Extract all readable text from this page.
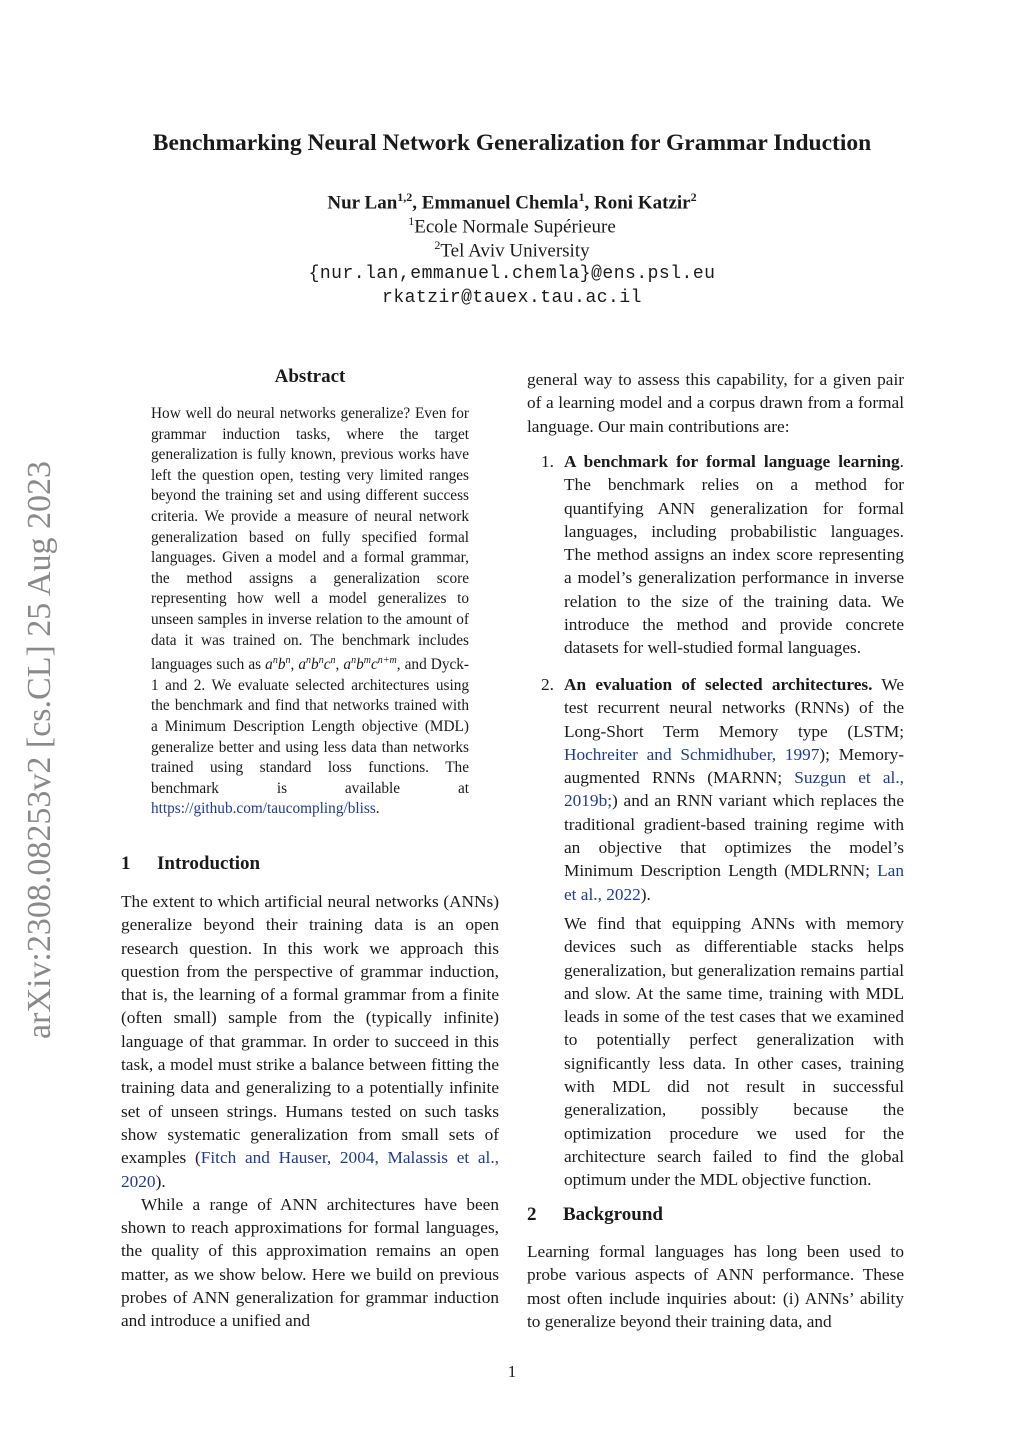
arXiv:2308.08253v2 [cs.CL] 25 Aug 2023
Benchmarking Neural Network Generalization for Grammar Induction
Nur Lan$^{1,2}$, Emmanuel Chemla$^1$, Roni Katzir$^2$
$^1$Ecole Normale Supérieure
$^2$Tel Aviv University
{nur.lan,emmanuel.chemla}@ens.psl.eu
rkatzir@tauex.tau.ac.il
Abstract
How well do neural networks generalize? Even for grammar induction tasks, where the target generalization is fully known, previous works have left the question open, testing very limited ranges beyond the training set and using different success criteria. We provide a measure of neural network generalization based on fully specified formal languages. Given a model and a formal grammar, the method assigns a generalization score representing how well a model generalizes to unseen samples in inverse relation to the amount of data it was trained on. The benchmark includes languages such as $a^nb^n$, $a^nb^nc^n$, $a^nb^mc^{n+m}$, and Dyck-1 and 2. We evaluate selected architectures using the benchmark and find that networks trained with a Minimum Description Length objective (MDL) generalize better and using less data than networks trained using standard loss functions. The benchmark is available at https://github.com/taucompling/bliss.
1 Introduction

The extent to which artificial neural networks (ANNs) generalize beyond their training data is an open research question. In this work we approach this question from the perspective of grammar induction, that is, the learning of a formal grammar from a finite (often small) sample from the (typically infinite) language of that grammar. In order to succeed in this task, a model must strike a balance between fitting the training data and generalizing to a potentially infinite set of unseen strings. Humans tested on such tasks show systematic generalization from small sets of examples (Fitch and Hauser, 2004, Malassis et al., 2020).

While a range of ANN architectures have been shown to reach approximations for formal languages, the quality of this approximation remains an open matter, as we show below. Here we build on previous probes of ANN generalization for grammar induction and introduce a unified and

general way to assess this capability, for a given pair of a learning model and a corpus drawn from a formal language. Our main contributions are:

1. A benchmark for formal language learning. The benchmark relies on a method for quantifying ANN generalization for formal languages, including probabilistic languages. The method assigns an index score representing a model’s generalization performance in inverse relation to the size of the training data. We introduce the method and provide concrete datasets for well-studied formal languages.
2. An evaluation of selected architectures. We test recurrent neural networks (RNNs) of the Long-Short Term Memory type (LSTM; Hochreiter and Schmidhuber, 1997); Memory-augmented RNNs (MARNN; Suzgun et al., 2019b;) and an RNN variant which replaces the traditional gradient-based training regime with an objective that optimizes the model’s Minimum Description Length (MDLRNN; Lan et al., 2022).
We find that equipping ANNs with memory devices such as differentiable stacks helps generalization, but generalization remains partial and slow. At the same time, training with MDL leads in some of the test cases that we examined to potentially perfect generalization with significantly less data. In other cases, training with MDL did not result in successful generalization, possibly because the optimization procedure we used for the architecture search failed to find the global optimum under the MDL objective function.
2 Background

Learning formal languages has long been used to probe various aspects of ANN performance. These most often include inquiries about: (i) ANNs’ ability to generalize beyond their training data, and

1
